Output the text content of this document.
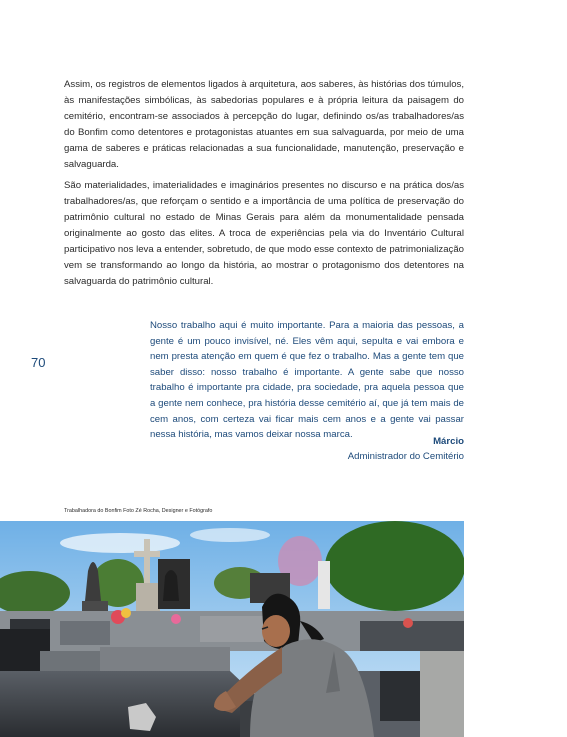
Assim, os registros de elementos ligados à arquitetura, aos saberes, às histórias dos túmulos, às manifestações simbólicas, às sabedorias populares e à própria leitura da paisagem do cemitério, encontram-se associados à percepção do lugar, definindo os/as trabalhadores/as do Bonfim como detentores e protagonistas atuantes em sua salvaguarda, por meio de uma gama de saberes e práticas relacionadas a sua funcionalidade, manutenção, preservação e salvaguarda.

São materialidades, imaterialidades e imaginários presentes no discurso e na prática dos/as trabalhadores/as, que reforçam o sentido e a importância de uma política de preservação do patrimônio cultural no estado de Minas Gerais para além da monumentalidade pensada originalmente ao gosto das elites. A troca de experiências pela via do Inventário Cultural participativo nos leva a entender, sobretudo, de que modo esse contexto de patrimonialização vem se transformando ao longo da história, ao mostrar o protagonismo dos detentores na salvaguarda do patrimônio cultural.

70

Nosso trabalho aqui é muito importante. Para a maioria das pessoas, a gente é um pouco invisível, né. Eles vêm aqui, sepulta e vai embora e nem presta atenção em quem é que fez o trabalho. Mas a gente tem que saber disso: nosso trabalho é importante. A gente sabe que nosso trabalho é importante pra cidade, pra sociedade, pra aquela pessoa que a gente nem conhece, pra história desse cemitério aí, que já tem mais de cem anos, com certeza vai ficar mais cem anos e a gente vai passar nessa história, mas vamos deixar nossa marca.

Márcio
Administrador do Cemitério
Trabalhadora do Bonfim Foto Zé Rocha, Designer e Fotógrafo
